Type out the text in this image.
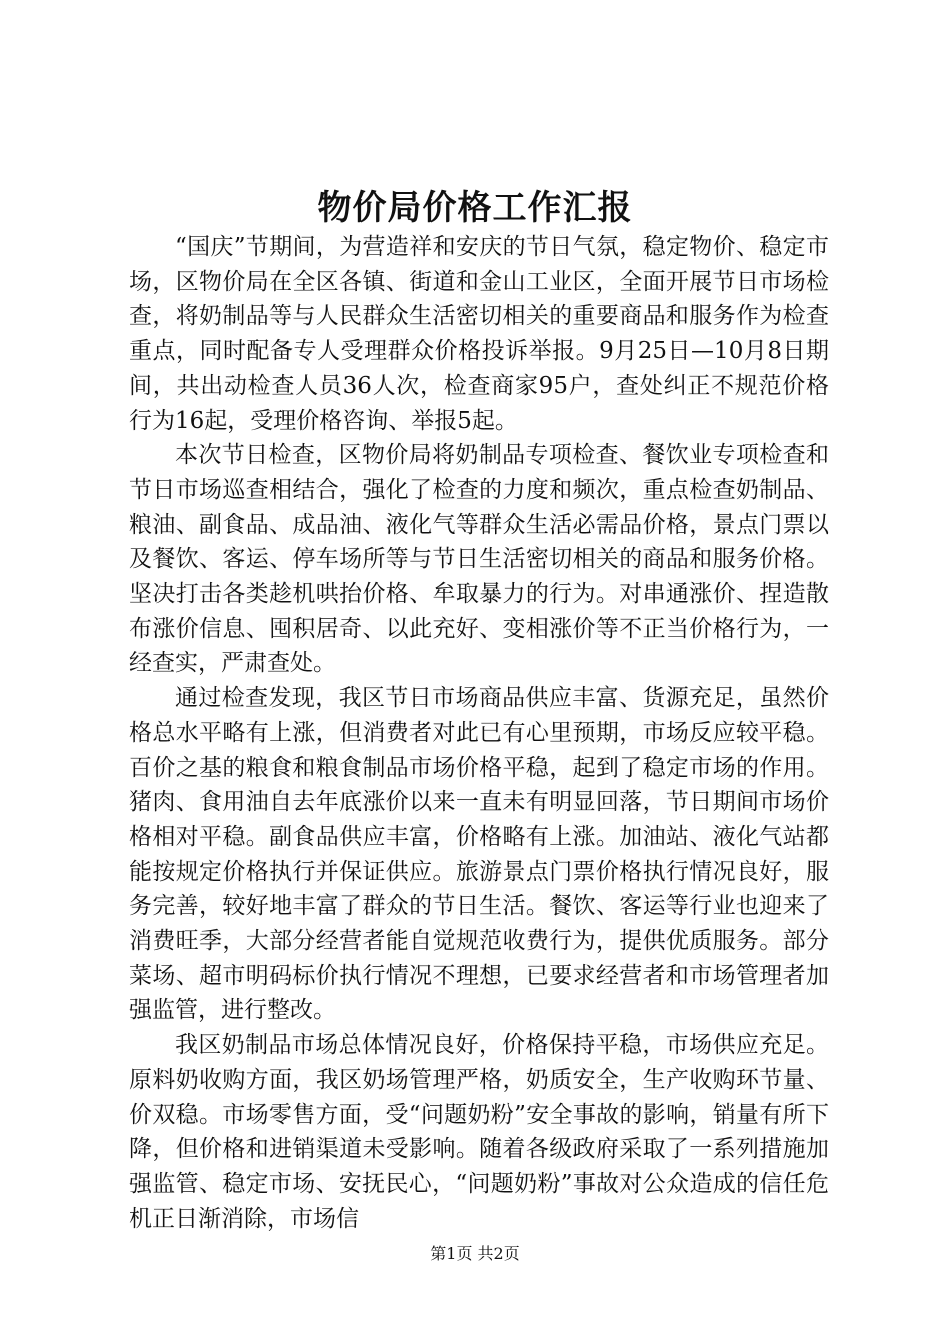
物价局价格工作汇报

“国庆”节期间，为营造祥和安庆的节日气氛，稳定物价、稳定市场，区物价局在全区各镇、街道和金山工业区，全面开展节日市场检查，将奶制品等与人民群众生活密切相关的重要商品和服务作为检查重点，同时配备专人受理群众价格投诉举报。9月25日—10月8日期间，共出动检查人员36人次，检查商家95户，查处纠正不规范价格行为16起，受理价格咨询、举报5起。

本次节日检查，区物价局将奶制品专项检查、餐饮业专项检查和节日市场巡查相结合，强化了检查的力度和频次，重点检查奶制品、粮油、副食品、成品油、液化气等群众生活必需品价格，景点门票以及餐饮、客运、停车场所等与节日生活密切相关的商品和服务价格。坚决打击各类趁机哄抬价格、牟取暴力的行为。对串通涨价、捏造散布涨价信息、囤积居奇、以此充好、变相涨价等不正当价格行为，一经查实，严肃查处。

通过检查发现，我区节日市场商品供应丰富、货源充足，虽然价格总水平略有上涨，但消费者对此已有心里预期，市场反应较平稳。百价之基的粮食和粮食制品市场价格平稳，起到了稳定市场的作用。猪肉、食用油自去年底涨价以来一直未有明显回落，节日期间市场价格相对平稳。副食品供应丰富，价格略有上涨。加油站、液化气站都能按规定价格执行并保证供应。旅游景点门票价格执行情况良好，服务完善，较好地丰富了群众的节日生活。餐饮、客运等行业也迎来了消费旺季，大部分经营者能自觉规范收费行为，提供优质服务。部分菜场、超市明码标价执行情况不理想，已要求经营者和市场管理者加强监管，进行整改。

我区奶制品市场总体情况良好，价格保持平稳，市场供应充足。原料奶收购方面，我区奶场管理严格，奶质安全，生产收购环节量、价双稳。市场零售方面，受“问题奶粉”安全事故的影响，销量有所下降，但价格和进销渠道未受影响。随着各级政府采取了一系列措施加强监管、稳定市场、安抚民心，“问题奶粉”事故对公众造成的信任危机正日渐消除，市场信

第1页 共2页
